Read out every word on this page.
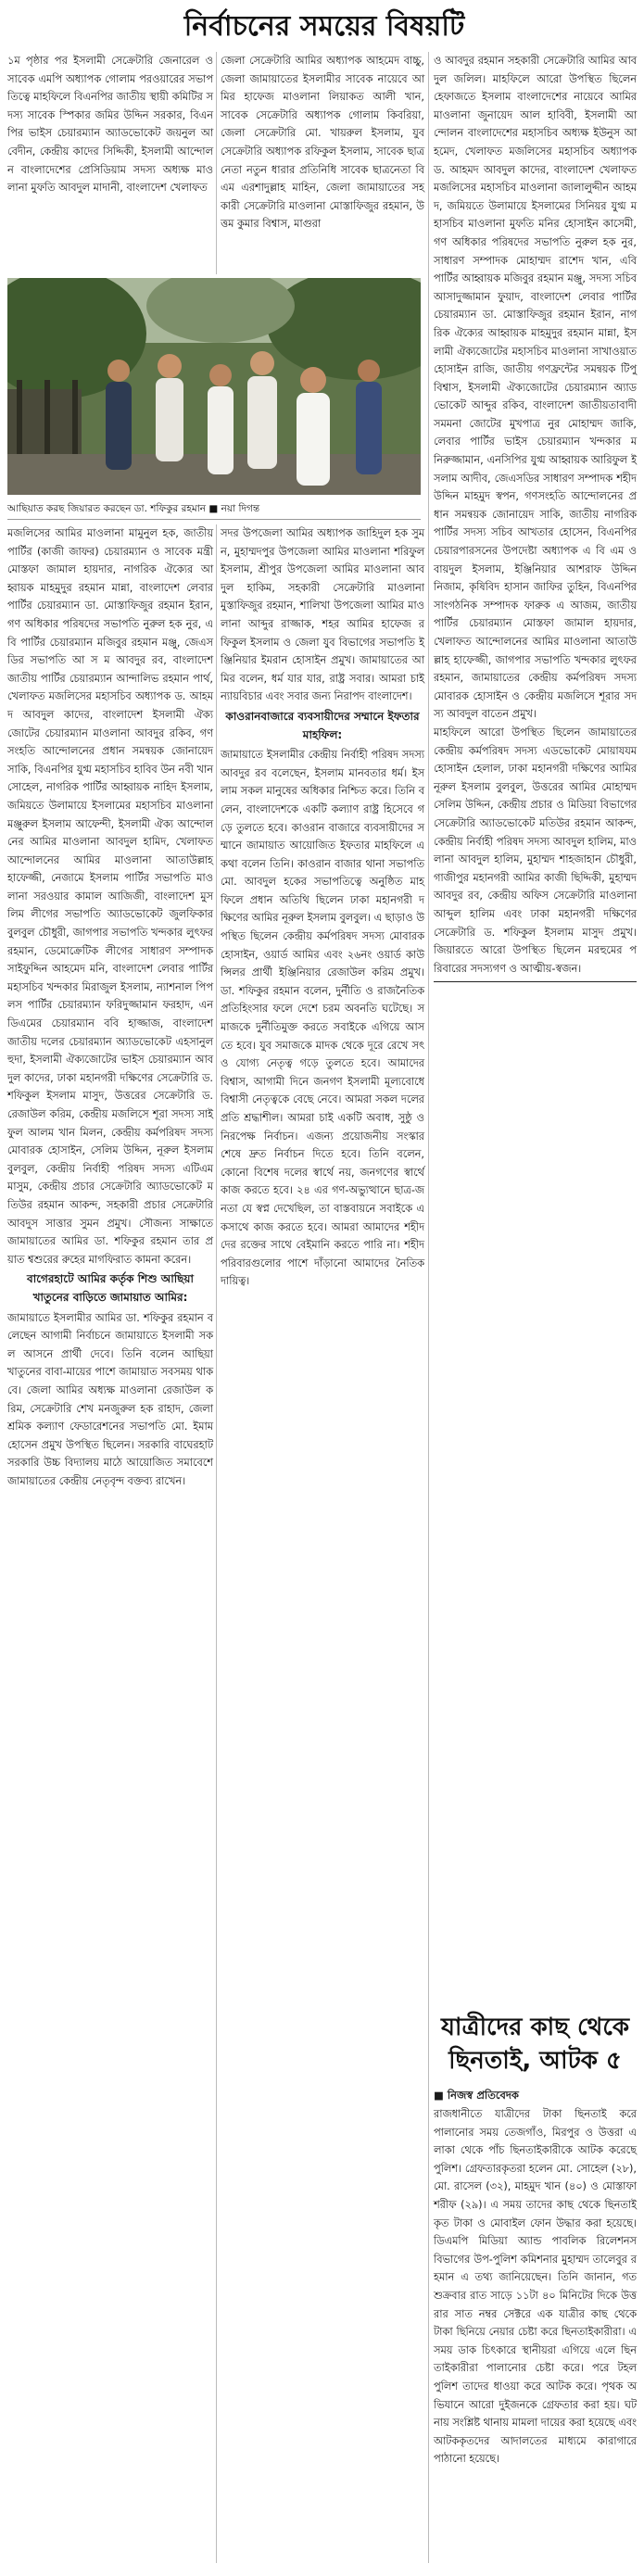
নির্বাচনের সময়ের বিষয়টি

১ম পৃষ্ঠার পর ইসলামী সেক্রেটারি জেনারেল ও সাবেক এমপি অধ্যাপক গোলাম পরওয়ারের সভাপতিত্বে মাহফিলে বিএনপির জাতীয় স্থায়ী কমিটির সদস্য সাবেক স্পিকার জমির উদ্দিন সরকার, বিএনপির ভাইস চেয়ারম্যান অ্যাডভোকেট জয়নুল আবেদীন, কেন্দ্রীয় কাদের সিদ্দিকী, ইসলামী আন্দোলন বাংলাদেশের প্রেসিডিয়াম সদস্য অধ্যক্ষ মাওলানা মুফতি আবদুল মাদানী, বাংলাদেশ খেলাফত

জেলা সেক্রেটারি আমির অধ্যাপক আহমেদ বাচ্চু, জেলা জামায়াতের ইসলামীর সাবেক নায়েবে আমির হাফেজ মাওলানা লিয়াকত আলী খান, সাবেক সেক্রেটারি অধ্যাপক গোলাম কিবরিয়া, জেলা সেক্রেটারি মো. খায়রুল ইসলাম, যুব সেক্রেটারি অধ্যাপক রফিকুল ইসলাম, সাবেক ছাত্রনেতা নতুন ধারার প্রতিনিধি সাবেক ছাত্রনেতা বি এম এরশাদুল্লাহ মাহিন, জেলা জামায়াতের সহকারী সেক্রেটারি মাওলানা মোস্তাফিজুর রহমান, উত্তম কুমার বিশ্বাস, মাগুরা

ও আবদুর রহমান সহকারী সেক্রেটারি আমির আবদুল জলিল। মাহফিলে আরো উপস্থিত ছিলেন হেফাজতে ইসলাম বাংলাদেশের নায়েবে আমির মাওলানা জুনায়েদ আল হাবিবী, ইসলামী আন্দোলন বাংলাদেশের মহাসচিব অধ্যক্ষ ইউনুস আহমেদ, খেলাফত মজলিসের মহাসচিব অধ্যাপক ড. আহমদ আবদুল কাদের, বাংলাদেশ খেলাফত মজলিসের মহাসচিব মাওলানা জালালুদ্দীন আহমদ, জমিয়তে উলামায়ে ইসলামের সিনিয়র যুগ্ম মহাসচিব মাওলানা মুফতি মনির হোসাইন কাসেমী, গণ অধিকার পরিষদের সভাপতি নুরুল হক নুর, সাধারণ সম্পাদক মোহাম্মদ রাশেদ খান, এবি পার্টির আহ্বায়ক মজিবুর রহমান মঞ্জু, সদস্য সচিব আসাদুজ্জামান ফুয়াদ, বাংলাদেশ লেবার পার্টির চেয়ারম্যান ডা. মোস্তাফিজুর রহমান ইরান, নাগরিক ঐক্যের আহ্বায়ক মাহমুদুর রহমান মান্না, ইসলামী ঐক্যজোটের মহাসচিব মাওলানা সাখাওয়াত হোসাইন রাজি, জাতীয় গণফ্রন্টের সমন্বয়ক টিপু বিশ্বাস, ইসলামী ঐক্যজোটের চেয়ারম্যান অ্যাডভোকেট আব্দুর রকিব, বাংলাদেশ জাতীয়তাবাদী সমমনা জোটের মুখপাত্র নুর মোহাম্মদ জাকি, লেবার পার্টির ভাইস চেয়ারম্যান খন্দকার মনিরুজ্জামান, এনসিপির যুগ্ম আহ্বায়ক আরিফুল ইসলাম আদীব, জেএসডির সাধারণ সম্পাদক শহীদ উদ্দিন মাহমুদ স্বপন, গণসংহতি আন্দোলনের প্রধান সমন্বয়ক জোনায়েদ সাকি, জাতীয় নাগরিক পার্টির সদস্য সচিব আখতার হোসেন, বিএনপির চেয়ারপারসনের উপদেষ্টা অধ্যাপক এ বি এম ওবায়দুল ইসলাম, ইঞ্জিনিয়ার আশরাফ উদ্দিন নিজাম, কৃষিবিদ হাসান জাফির তুহিন, বিএনপির সাংগঠনিক সম্পাদক ফারুক এ আজম, জাতীয় পার্টির চেয়ারম্যান মোস্তফা জামাল হায়দার, খেলাফত আন্দোলনের আমির মাওলানা আতাউল্লাহ হাফেজ্জী, জাগপার সভাপতি খন্দকার লুৎফর রহমান, জামায়াতের কেন্দ্রীয় কর্মপরিষদ সদস্য মোবারক হোসাইন ও কেন্দ্রীয় মজলিসে শূরার সদস্য আবদুল বাতেন প্রমুখ।

মাহফিলে আরো উপস্থিত ছিলেন জামায়াতের কেন্দ্রীয় কর্মপরিষদ সদস্য এডভোকেট মোয়াযযম হোসাইন হেলাল, ঢাকা মহানগরী দক্ষিণের আমির নূরুল ইসলাম বুলবুল, উত্তরের আমির মোহাম্মদ সেলিম উদ্দিন, কেন্দ্রীয় প্রচার ও মিডিয়া বিভাগের সেক্রেটারি অ্যাডভোকেট মতিউর রহমান আকন্দ, কেন্দ্রীয় নির্বাহী পরিষদ সদস্য আবদুল হালিম, মাওলানা আবদুল হালিম, মুহাম্মদ শাহজাহান চৌধুরী, গাজীপুর মহানগরী আমির কাজী ছিদ্দিকী, মুহাম্মদ আবদুর রব, কেন্দ্রীয় অফিস সেক্রেটারি মাওলানা আব্দুল হালিম এবং ঢাকা মহানগরী দক্ষিণের সেক্রেটারি ড. শফিকুল ইসলাম মাসুদ প্রমুখ। জিয়ারতে আরো উপস্থিত ছিলেন মরহুমের পরিবারের সদস্যগণ ও আত্মীয়-স্বজন।

আছিয়াত করছ জিয়ারত করছেন ডা. শফিকুর রহমান ■ নয়া দিগন্ত

মজলিসের আমির মাওলানা মামুনুল হক, জাতীয় পার্টির (কাজী জাফর) চেয়ারম্যান ও সাবেক মন্ত্রী মোস্তফা জামাল হায়দার, নাগরিক ঐক্যের আহ্বায়ক মাহমুদুর রহমান মান্না, বাংলাদেশ লেবার পার্টির চেয়ারম্যান ডা. মোস্তাফিজুর রহমান ইরান, গণ অধিকার পরিষদের সভাপতি নুরুল হক নুর, এবি পার্টির চেয়ারম্যান মজিবুর রহমান মঞ্জু, জেএসডির সভাপতি আ স ম আবদুর রব, বাংলাদেশ জাতীয় পার্টির চেয়ারম্যান আন্দালিভ রহমান পার্থ, খেলাফত মজলিসের মহাসচিব অধ্যাপক ড. আহমদ আবদুল কাদের, বাংলাদেশ ইসলামী ঐক্যজোটের চেয়ারম্যান মাওলানা আবদুর রকিব, গণসংহতি আন্দোলনের প্রধান সমন্বয়ক জোনায়েদ সাকি, বিএনপির যুগ্ম মহাসচিব হাবিব উন নবী খান সোহেল, নাগরিক পার্টির আহ্বায়ক নাহিদ ইসলাম, জমিয়তে উলামায়ে ইসলামের মহাসচিব মাওলানা মঞ্জুরুল ইসলাম আফেন্দী, ইসলামী ঐক্য আন্দোলনের আমির মাওলানা আবদুল হামিদ, খেলাফত আন্দোলনের আমির মাওলানা আতাউল্লাহ হাফেজ্জী, নেজামে ইসলাম পার্টির সভাপতি মাওলানা সরওয়ার কামাল আজিজী, বাংলাদেশ মুসলিম লীগের সভাপতি অ্যাডভোকেট জুলফিকার বুলবুল চৌধুরী, জাগপার সভাপতি খন্দকার লুৎফর রহমান, ডেমোক্রেটিক লীগের সাধারণ সম্পাদক সাইফুদ্দিন আহমেদ মনি, বাংলাদেশ লেবার পার্টির মহাসচিব খন্দকার মিরাজুল ইসলাম, ন্যাশনাল পিপলস পার্টির চেয়ারম্যান ফরিদুজ্জামান ফরহাদ, এনডিএমের চেয়ারম্যান ববি হাজ্জাজ, বাংলাদেশ জাতীয় দলের চেয়ারম্যান অ্যাডভোকেট এহসানুল হুদা, ইসলামী ঐক্যজোটের ভাইস চেয়ারম্যান আবদুল কাদের, ঢাকা মহানগরী দক্ষিণের সেক্রেটারি ড. শফিকুল ইসলাম মাসুদ, উত্তরের সেক্রেটারি ড. রেজাউল করিম, কেন্দ্রীয় মজলিসে শূরা সদস্য সাইফুল আলম খান মিলন, কেন্দ্রীয় কর্মপরিষদ সদস্য মোবারক হোসাইন, সেলিম উদ্দিন, নূরুল ইসলাম বুলবুল, কেন্দ্রীয় নির্বাহী পরিষদ সদস্য এটিএম মাসুম, কেন্দ্রীয় প্রচার সেক্রেটারি অ্যাডভোকেট মতিউর রহমান আকন্দ, সহকারী প্রচার সেক্রেটারি আবদুস সাত্তার সুমন প্রমুখ। সৌজন্য সাক্ষাতে জামায়াতের আমির ডা. শফিকুর রহমান তার প্রয়াত শ্বশুরের রুহের মাগফিরাত কামনা করেন।

বাগেরহাটে আমির কর্তৃক শিশু আছিয়া খাতুনের বাড়িতে জামায়াত আমির:

জামায়াতে ইসলামীর আমির ডা. শফিকুর রহমান বলেছেন আগামী নির্বাচনে জামায়াতে ইসলামী সকল আসনে প্রার্থী দেবে। তিনি বলেন আছিয়া খাতুনের বাবা-মায়ের পাশে জামায়াত সবসময় থাকবে। জেলা আমির অধ্যক্ষ মাওলানা রেজাউল করিম, সেক্রেটারি শেখ মনজুরুল হক রাহাদ, জেলা শ্রমিক কল্যাণ ফেডারেশনের সভাপতি মো. ইমাম হোসেন প্রমুখ উপস্থিত ছিলেন। সরকারি বাঘেরহাট সরকারি উচ্চ বিদ্যালয় মাঠে আয়োজিত সমাবেশে জামায়াতের কেন্দ্রীয় নেতৃবৃন্দ বক্তব্য রাখেন।

সদর উপজেলা আমির অধ্যাপক জাহিদুল হক সুমন, মুহাম্মদপুর উপজেলা আমির মাওলানা শরিফুল ইসলাম, শ্রীপুর উপজেলা আমির মাওলানা আবদুল হাকিম, সহকারী সেক্রেটারি মাওলানা মুস্তাফিজুর রহমান, শালিখা উপজেলা আমির মাওলানা আব্দুর রাজ্জাক, শহর আমির হাফেজ রফিকুল ইসলাম ও জেলা যুব বিভাগের সভাপতি ইঞ্জিনিয়ার ইমরান হোসাইন প্রমুখ। জামায়াতের আমির বলেন, ধর্ম যার যার, রাষ্ট্র সবার। আমরা চাই ন্যায়বিচার এবং সবার জন্য নিরাপদ বাংলাদেশ।

কাওরানবাজারে ব্যবসায়ীদের সম্মানে ইফতার মাহফিল:

জামায়াতে ইসলামীর কেন্দ্রীয় নির্বাহী পরিষদ সদস্য আবদুর রব বলেছেন, ইসলাম মানবতার ধর্ম। ইসলাম সকল মানুষের অধিকার নিশ্চিত করে। তিনি বলেন, বাংলাদেশকে একটি কল্যাণ রাষ্ট্র হিসেবে গড়ে তুলতে হবে। কাওরান বাজারে ব্যবসায়ীদের সম্মানে জামায়াত আয়োজিত ইফতার মাহফিলে এ কথা বলেন তিনি। কাওরান বাজার থানা সভাপতি মো. আবদুল হকের সভাপতিত্বে অনুষ্ঠিত মাহফিলে প্রধান অতিথি ছিলেন ঢাকা মহানগরী দক্ষিণের আমির নূরুল ইসলাম বুলবুল। এ ছাড়াও উপস্থিত ছিলেন কেন্দ্রীয় কর্মপরিষদ সদস্য মোবারক হোসাইন, ওয়ার্ড আমির এবং ২৬নং ওয়ার্ড কাউন্সিলর প্রার্থী ইঞ্জিনিয়ার রেজাউল করিম প্রমুখ। ডা. শফিকুর রহমান বলেন, দুর্নীতি ও রাজনৈতিক প্রতিহিংসার ফলে দেশে চরম অবনতি ঘটেছে। সমাজকে দুর্নীতিমুক্ত করতে সবাইকে এগিয়ে আসতে হবে। যুব সমাজকে মাদক থেকে দূরে রেখে সৎ ও যোগ্য নেতৃত্ব গড়ে তুলতে হবে। আমাদের বিশ্বাস, আগামী দিনে জনগণ ইসলামী মূল্যবোধে বিশ্বাসী নেতৃত্বকে বেছে নেবে। আমরা সকল দলের প্রতি শ্রদ্ধাশীল। আমরা চাই একটি অবাধ, সুষ্ঠু ও নিরপেক্ষ নির্বাচন। এজন্য প্রয়োজনীয় সংস্কার শেষে দ্রুত নির্বাচন দিতে হবে। তিনি বলেন, কোনো বিশেষ দলের স্বার্থে নয়, জনগণের স্বার্থে কাজ করতে হবে। ২৪ এর গণ-অভ্যুত্থানে ছাত্র-জনতা যে স্বপ্ন দেখেছিল, তা বাস্তবায়নে সবাইকে একসাথে কাজ করতে হবে। আমরা আমাদের শহীদদের রক্তের সাথে বেইমানি করতে পারি না। শহীদ পরিবারগুলোর পাশে দাঁড়ানো আমাদের নৈতিক দায়িত্ব।

যাত্রীদের কাছ থেকে ছিনতাই, আটক ৫
■ নিজস্ব প্রতিবেদক

রাজধানীতে যাত্রীদের টাকা ছিনতাই করে পালানোর সময় তেজগাঁও, মিরপুর ও উত্তরা এলাকা থেকে পাঁচ ছিনতাইকারীকে আটক করেছে পুলিশ। গ্রেফতারকৃতরা হলেন মো. সোহেল (২৮), মো. রাসেল (৩২), মাহমুদ খান (৪০) ও মোস্তাফা শরীফ (২৯)। এ সময় তাদের কাছ থেকে ছিনতাইকৃত টাকা ও মোবাইল ফোন উদ্ধার করা হয়েছে। ডিএমপি মিডিয়া অ্যান্ড পাবলিক রিলেশনস বিভাগের উপ-পুলিশ কমিশনার মুহাম্মদ তালেবুর রহমান এ তথ্য জানিয়েছেন। তিনি জানান, গত শুক্রবার রাত সাড়ে ১১টা ৪০ মিনিটের দিকে উত্তরার সাত নম্বর সেক্টরে এক যাত্রীর কাছ থেকে টাকা ছিনিয়ে নেয়ার চেষ্টা করে ছিনতাইকারীরা। এ সময় ডাক চিৎকারে স্থানীয়রা এগিয়ে এলে ছিনতাইকারীরা পালানোর চেষ্টা করে। পরে টহল পুলিশ তাদের ধাওয়া করে আটক করে। পৃথক অভিযানে আরো দুইজনকে গ্রেফতার করা হয়। ঘটনায় সংশ্লিষ্ট থানায় মামলা দায়ের করা হয়েছে এবং আটককৃতদের আদালতের মাধ্যমে কারাগারে পাঠানো হয়েছে।
